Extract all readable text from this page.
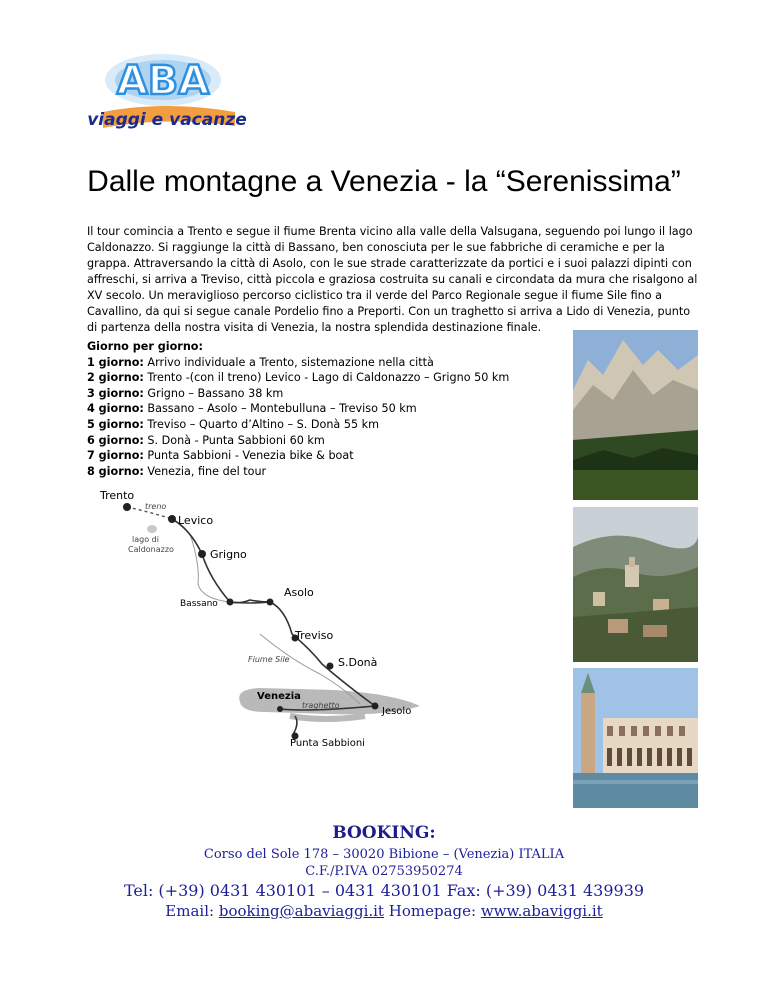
ABA
viaggi e vacanze
Dalle montagne a Venezia - la “Serenissima”

Il tour comincia a Trento e segue il fiume Brenta vicino alla valle della Valsugana, seguendo poi lungo il lago Caldonazzo. Si raggiunge la città di Bassano, ben conosciuta per le sue fabbriche di ceramiche e per la grappa. Attraversando la città di Asolo, con le sue strade caratterizzate da portici e i suoi palazzi dipinti con affreschi, si arriva a Treviso, città piccola e graziosa costruita su canali e circondata da mura che risalgono al XV secolo. Un meraviglioso percorso ciclistico tra il verde del Parco Regionale segue il fiume Sile fino a Cavallino, da qui si segue canale Pordelio fino a Preporti. Con un traghetto si arriva a Lido di Venezia, punto di partenza della nostra visita di Venezia, la nostra splendida destinazione finale.

Giorno per giorno:
1 giorno: Arrivo individuale a Trento, sistemazione nella città
2 giorno: Trento -(con il treno) Levico - Lago di Caldonazzo – Grigno 50 km
3 giorno: Grigno – Bassano 38 km
4 giorno: Bassano – Asolo – Montebulluna – Treviso 50 km
5 giorno: Treviso – Quarto d’Altino – S. Donà 55 km
6 giorno: S. Donà - Punta Sabbioni 60 km
7 giorno: Punta Sabbioni - Venezia bike & boat
8 giorno: Venezia, fine del tour
Trento
treno
Levico
lago di
Caldonazzo	Grigno
Bassano
Asolo
Treviso
Fiume Sile	S.Donà
Venezia
traghetto
Jesolo
Punta Sabbioni
BOOKING:
Corso del Sole 178 – 30020 Bibione – (Venezia) ITALIA
C.F./P.IVA 02753950274
Tel: (+39) 0431 430101 – 0431 430101 Fax: (+39) 0431 439939
Email: booking@abaviaggi.it Homepage: www.abaviggi.it
